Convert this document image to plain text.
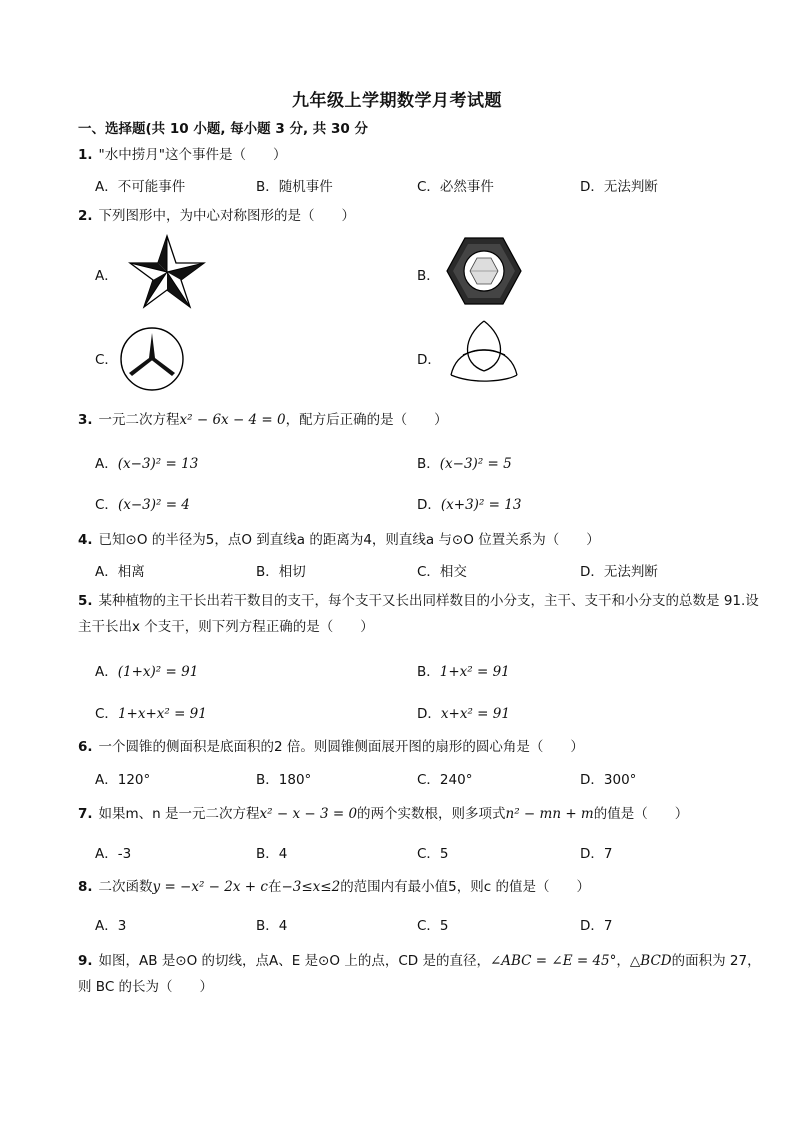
九年级上学期数学月考试题
一、选择题(共 10 小题, 每小题 3 分, 共 30 分
1. "水中捞月"这个事件是（　　）
A．不可能事件	B．随机事件	C．必然事件	D．无法判断
2. 下列图形中，为中心对称图形的是（　　）
A．	B．
C．	D．
3. 一元二次方程x² − 6x − 4 = 0，配方后正确的是（　　）
A．(x−3)² = 13	B．(x−3)² = 5
C．(x−3)² = 4	D．(x+3)² = 13
4. 已知⊙O 的半径为5，点O 到直线a 的距离为4，则直线a 与⊙O 位置关系为（　　）
A．相离	B．相切	C．相交	D．无法判断
5. 某种植物的主干长出若干数目的支干，每个支干又长出同样数目的小分支，主干、支干和小分支的总数是 91.设主干长出x 个支干，则下列方程正确的是（　　）
A．(1+x)² = 91	B．1+x² = 91
C．1+x+x² = 91	D．x+x² = 91
6. 一个圆锥的侧面积是底面积的2 倍。则圆锥侧面展开图的扇形的圆心角是（　　）
A．120°	B．180°	C．240°	D．300°
7. 如果m、n 是一元二次方程x² − x − 3 = 0的两个实数根，则多项式n² − mn + m的值是（　　）
A．-3	B．4	C．5	D．7
8. 二次函数y = −x² − 2x + c在−3≤x≤2的范围内有最小值5，则c 的值是（　　）
A．3	B．4	C．5	D．7
9. 如图，AB 是⊙O 的切线，点A、E 是⊙O 上的点，CD 是的直径，∠ABC = ∠E = 45°，△BCD的面积为 27，则 BC 的长为（　　）
